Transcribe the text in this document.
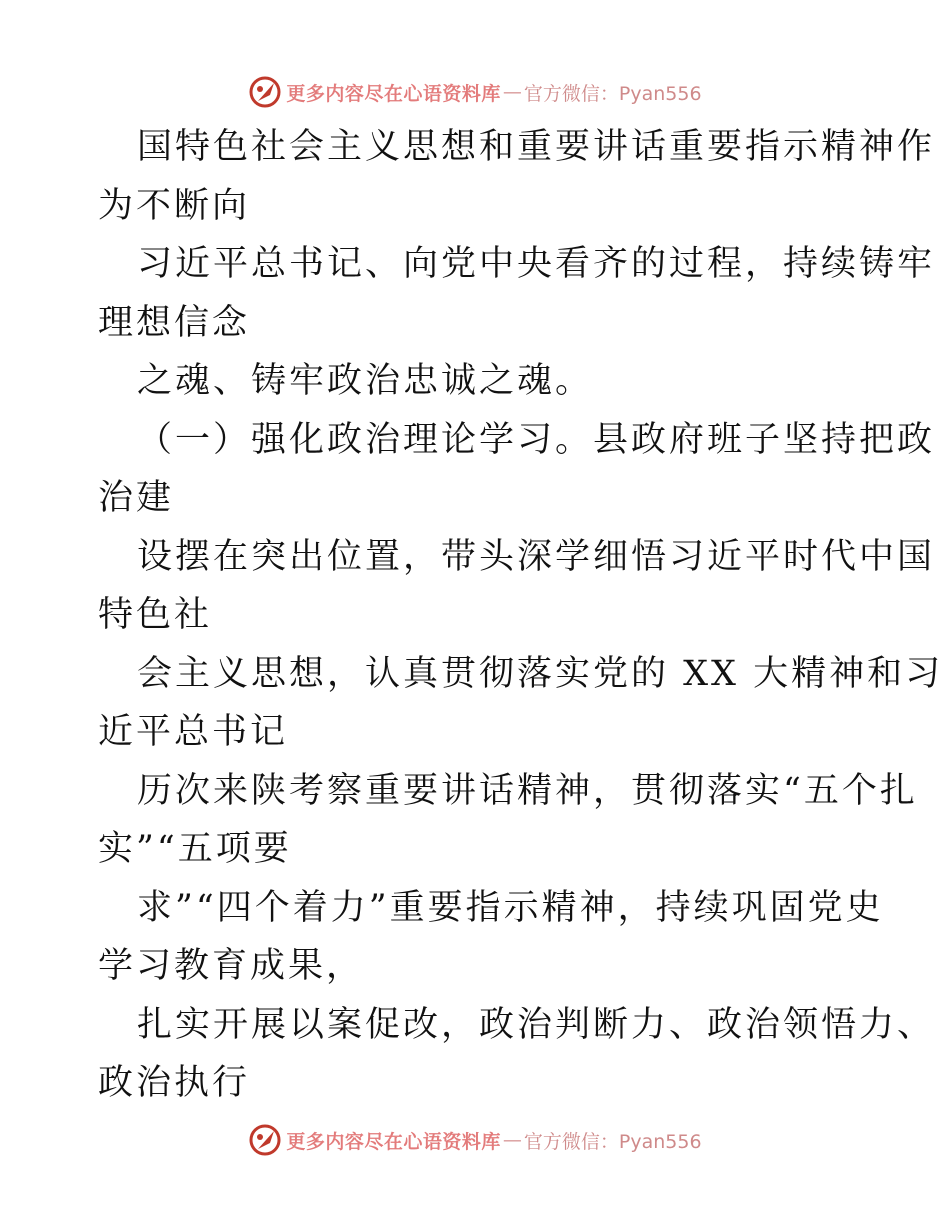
更多内容尽在心语资料库 — 官方微信：Pyan556
国特色社会主义思想和重要讲话重要指示精神作
为不断向
习近平总书记、向党中央看齐的过程，持续铸牢
理想信念
之魂、铸牢政治忠诚之魂。
（一）强化政治理论学习。县政府班子坚持把政
治建
设摆在突出位置，带头深学细悟习近平时代中国
特色社
会主义思想，认真贯彻落实党的 XX 大精神和习
近平总书记
历次来陕考察重要讲话精神，贯彻落实“五个扎
实”“五项要
求”“四个着力”重要指示精神，持续巩固党史
学习教育成果，
扎实开展以案促改，政治判断力、政治领悟力、
政治执行
更多内容尽在心语资料库 — 官方微信：Pyan556
